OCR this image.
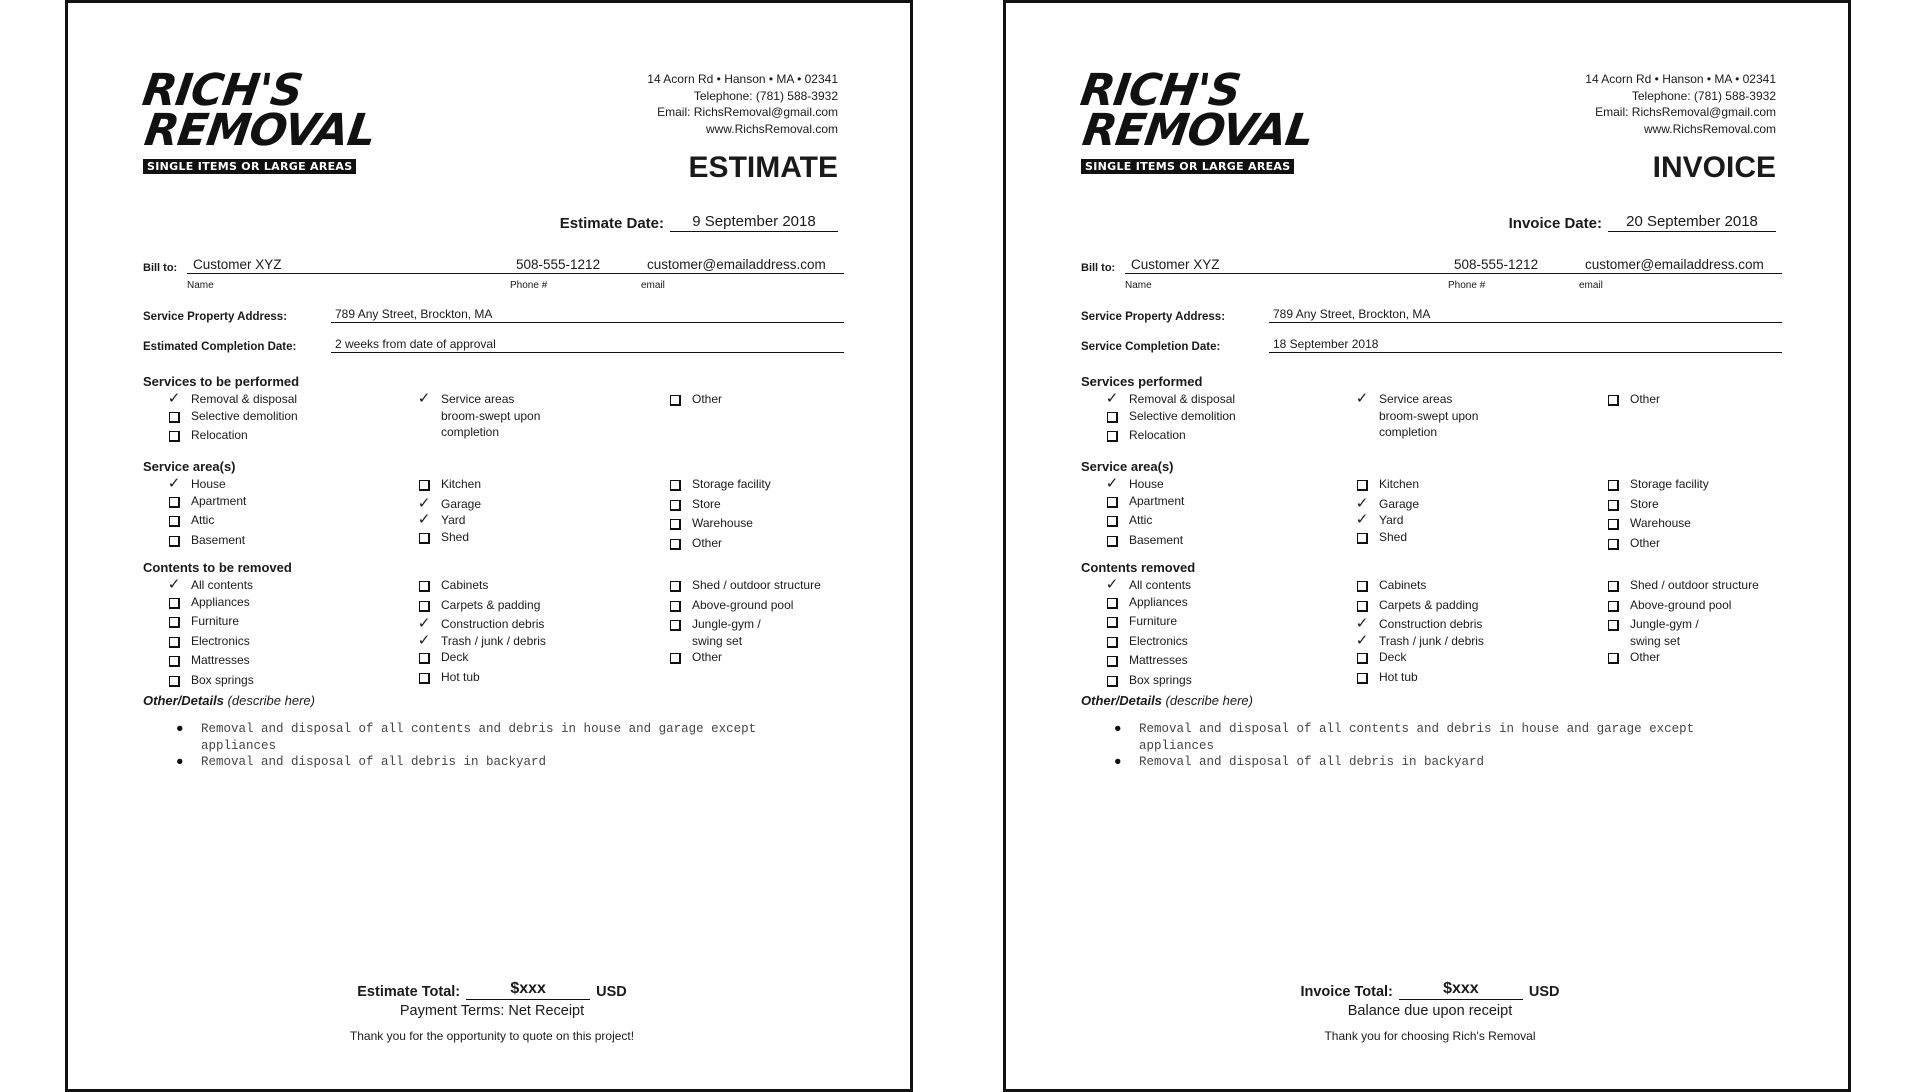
RICH'S
REMOVAL
SINGLE ITEMS OR LARGE AREAS
14 Acorn Rd • Hanson • MA • 02341
Telephone: (781) 588-3932
Email: RichsRemoval@gmail.com
www.RichsRemoval.com
ESTIMATE
Estimate Date:	9 September 2018
Bill to:	Customer XYZ	508-555-1212	customer@emailaddress.com
Name	Phone #	email
Service Property Address:	789 Any Street, Brockton, MA
Estimated Completion Date:	2 weeks from date of approval
Services to be performed
Service area(s)
Contents to be removed
✓ Removal & disposal
Selective demolition
Relocation
✓ Service areas
broom-swept upon
completion
Other
✓ House
Apartment
Attic
Basement
Kitchen
✓ Garage
✓ Yard
Shed
Storage facility
Store
Warehouse
Other
✓ All contents
Appliances
Furniture
Electronics
Mattresses
Box springs
Cabinets
Carpets & padding
✓ Construction debris
✓ Trash / junk / debris
Deck
Hot tub
Shed / outdoor structure
Above-ground pool
Jungle-gym /
swing set
Other
Other/Details (describe here)
●	Removal and disposal of all contents and debris in house and garage except appliances
●	Removal and disposal of all debris in backyard
Estimate Total:	$xxx	USD
Payment Terms: Net Receipt
Thank you for the opportunity to quote on this project!
RICH'S
REMOVAL
SINGLE ITEMS OR LARGE AREAS
14 Acorn Rd • Hanson • MA • 02341
Telephone: (781) 588-3932
Email: RichsRemoval@gmail.com
www.RichsRemoval.com
INVOICE
Invoice Date:	20 September 2018
Bill to:	Customer XYZ	508-555-1212	customer@emailaddress.com
Name	Phone #	email
Service Property Address:	789 Any Street, Brockton, MA
Service Completion Date:	18 September 2018
Services performed
Service area(s)
Contents removed
✓ Removal & disposal
Selective demolition
Relocation
✓ Service areas
broom-swept upon
completion
Other
✓ House
Apartment
Attic
Basement
Kitchen
✓ Garage
✓ Yard
Shed
Storage facility
Store
Warehouse
Other
✓ All contents
Appliances
Furniture
Electronics
Mattresses
Box springs
Cabinets
Carpets & padding
✓ Construction debris
✓ Trash / junk / debris
Deck
Hot tub
Shed / outdoor structure
Above-ground pool
Jungle-gym /
swing set
Other
Other/Details (describe here)
●	Removal and disposal of all contents and debris in house and garage except appliances
●	Removal and disposal of all debris in backyard
Invoice Total:	$xxx	USD
Balance due upon receipt
Thank you for choosing Rich's Removal
